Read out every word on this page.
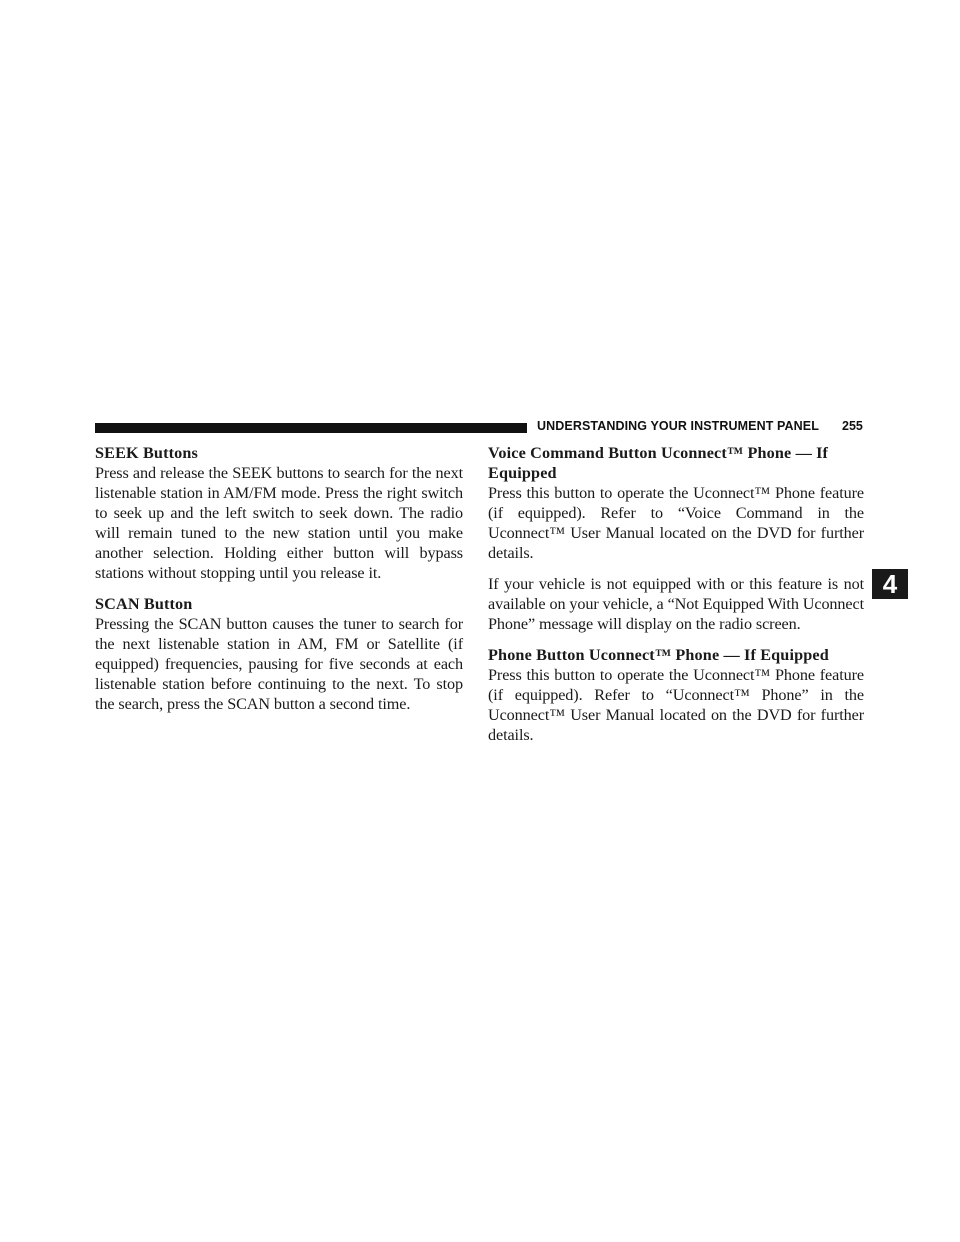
UNDERSTANDING YOUR INSTRUMENT PANEL 255
4
SEEK Buttons

Press and release the SEEK buttons to search for the next listenable station in AM/FM mode. Press the right switch to seek up and the left switch to seek down. The radio will remain tuned to the new station until you make another selection. Holding either button will bypass stations without stopping until you release it.

SCAN Button

Pressing the SCAN button causes the tuner to search for the next listenable station in AM, FM or Satellite (if equipped) frequencies, pausing for five seconds at each listenable station before continuing to the next. To stop the search, press the SCAN button a second time.

Voice Command Button Uconnect™ Phone — If Equipped

Press this button to operate the Uconnect™ Phone feature (if equipped). Refer to “Voice Command in the Uconnect™ User Manual located on the DVD for further details.

If your vehicle is not equipped with or this feature is not available on your vehicle, a “Not Equipped With Uconnect Phone” message will display on the radio screen.

Phone Button Uconnect™ Phone — If Equipped

Press this button to operate the Uconnect™ Phone feature (if equipped). Refer to “Uconnect™ Phone” in the Uconnect™ User Manual located on the DVD for further details.
